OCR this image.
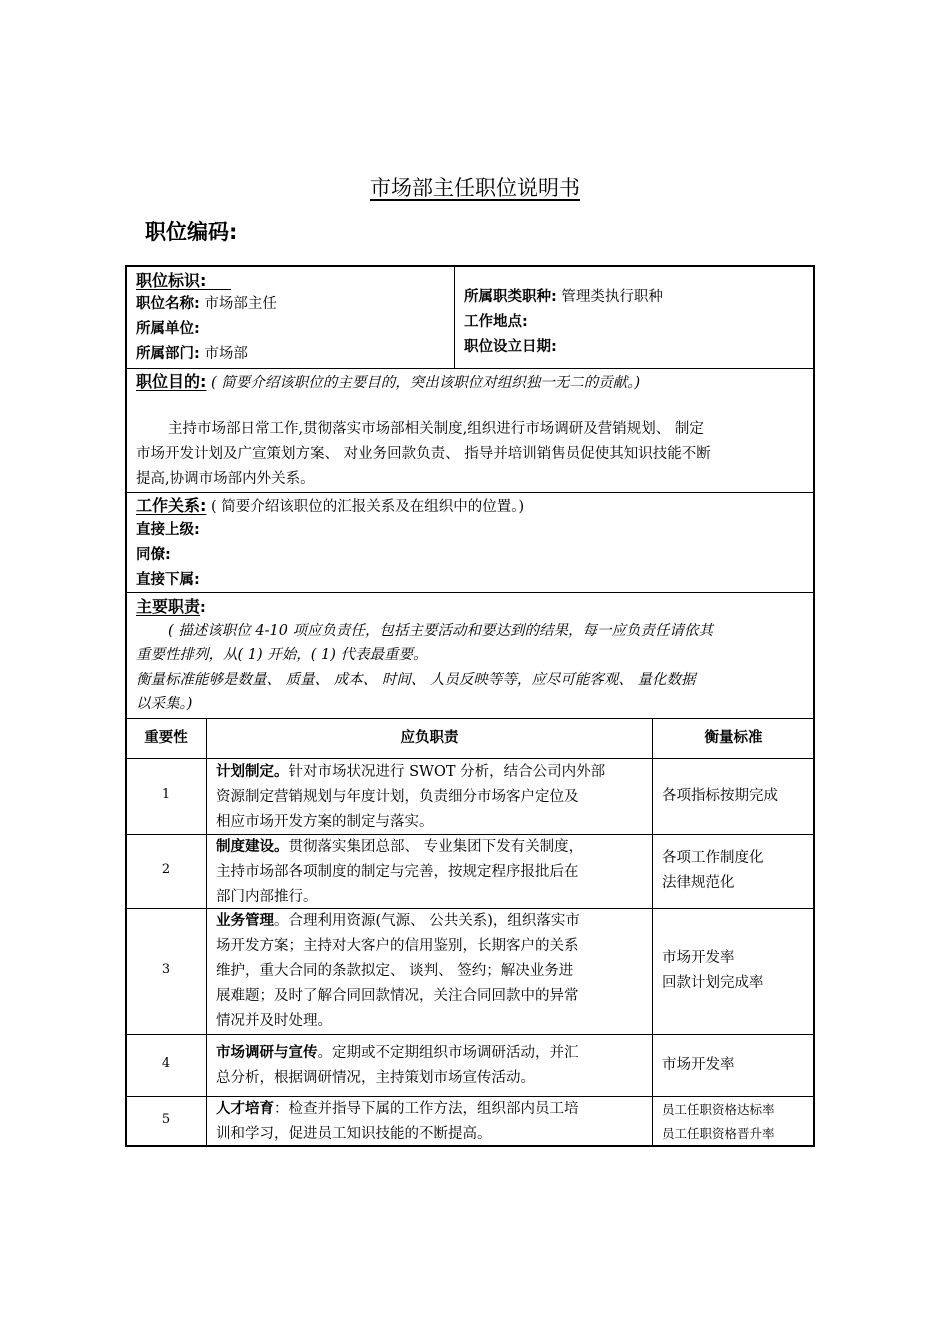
市场部主任职位说明书
职位编码:
职位标识:
职位名称: 市场部主任
所属单位:
所属部门: 市场部
所属职类职种: 管理类执行职种
工作地点:
职位设立日期:
职位目的: ( 简要介绍该职位的主要目的，突出该职位对组织独一无二的贡献。)
主持市场部日常工作,贯彻落实市场部相关制度,组织进行市场调研及营销规划、 制定
市场开发计划及广宣策划方案、 对业务回款负责、 指导并培训销售员促使其知识技能不断
提高,协调市场部内外关系。
工作关系: ( 简要介绍该职位的汇报关系及在组织中的位置。)
直接上级:
同僚:
直接下属:
主要职责:
( 描述该职位 4-10 项应负责任，包括主要活动和要达到的结果，每一应负责任请依其
重要性排列，从( 1) 开始，( 1) 代表最重要。
衡量标准能够是数量、 质量、 成本、 时间、 人员反映等等，应尽可能客观、 量化数据
以采集。)
重要性	应负职责	衡量标准
1
计划制定。针对市场状况进行 SWOT 分析，结合公司内外部
资源制定营销规划与年度计划，负责细分市场客户定位及
相应市场开发方案的制定与落实。
各项指标按期完成
2
制度建设。贯彻落实集团总部、 专业集团下发有关制度，
主持市场部各项制度的制定与完善，按规定程序报批后在
部门内部推行。
各项工作制度化
法律规范化
3
业务管理。合理利用资源(气源、 公共关系)，组织落实市
场开发方案；主持对大客户的信用鉴别，长期客户的关系
维护，重大合同的条款拟定、 谈判、 签约；解决业务进
展难题；及时了解合同回款情况，关注合同回款中的异常
情况并及时处理。
市场开发率
回款计划完成率
4
市场调研与宣传。定期或不定期组织市场调研活动，并汇
总分析，根据调研情况，主持策划市场宣传活动。
市场开发率
5
人才培育：检查并指导下属的工作方法，组织部内员工培
训和学习，促进员工知识技能的不断提高。
员工任职资格达标率
员工任职资格晋升率
